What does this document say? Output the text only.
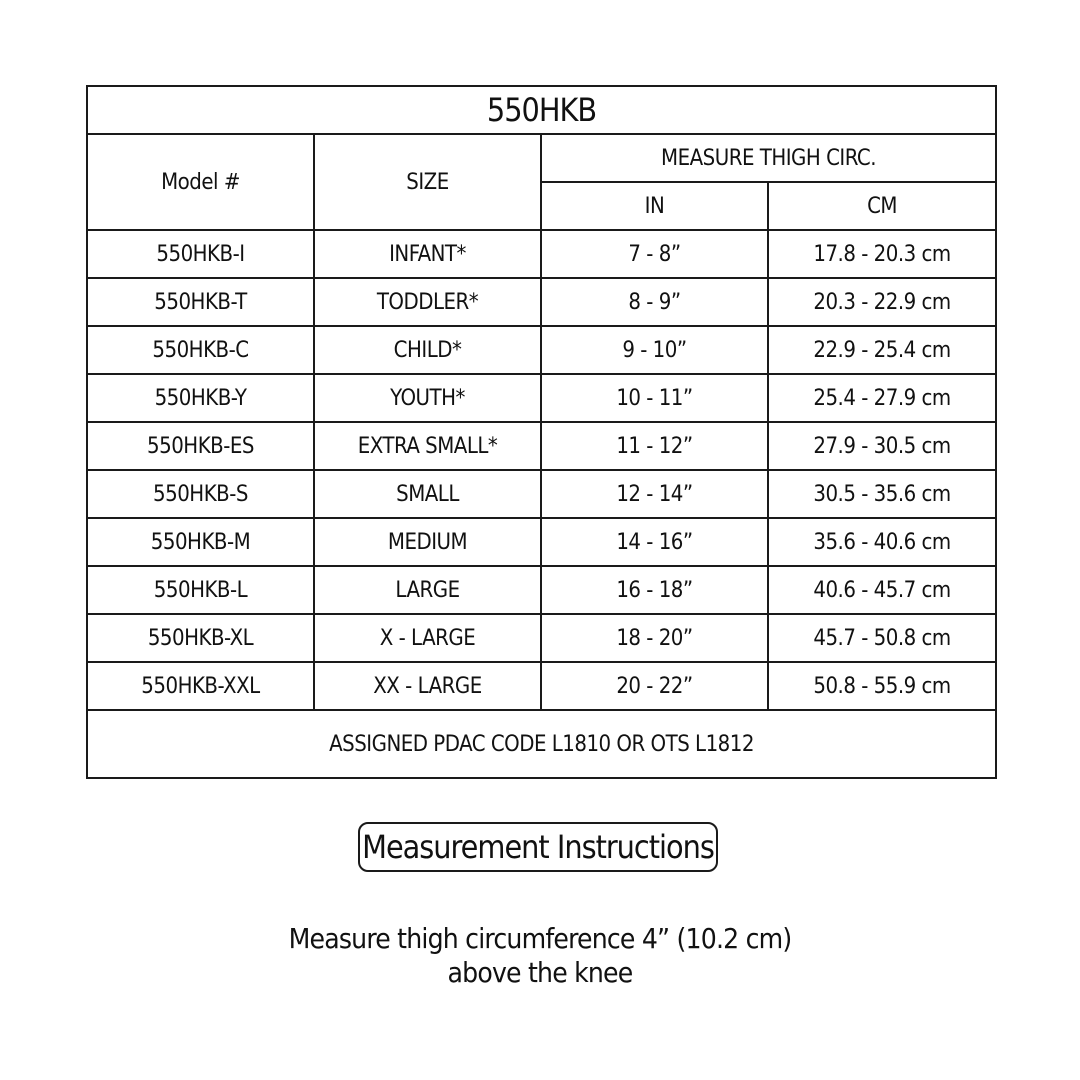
550HKB			
Model #	SIZE	MEASURE THIGH CIRC.	
		IN	CM
550HKB-I	INFANT*	7 - 8”	17.8 - 20.3 cm
550HKB-T	TODDLER*	8 - 9”	20.3 - 22.9 cm
550HKB-C	CHILD*	9 - 10”	22.9 - 25.4 cm
550HKB-Y	YOUTH*	10 - 11”	25.4 - 27.9 cm
550HKB-ES	EXTRA SMALL*	11 - 12”	27.9 - 30.5 cm
550HKB-S	SMALL	12 - 14”	30.5 - 35.6 cm
550HKB-M	MEDIUM	14 - 16”	35.6 - 40.6 cm
550HKB-L	LARGE	16 - 18”	40.6 - 45.7 cm
550HKB-XL	X - LARGE	18 - 20”	45.7 - 50.8 cm
550HKB-XXL	XX - LARGE	20 - 22”	50.8 - 55.9 cm
ASSIGNED PDAC CODE L1810 OR OTS L1812			
Measurement Instructions
Measure thigh circumference 4” (10.2 cm)
above the knee
